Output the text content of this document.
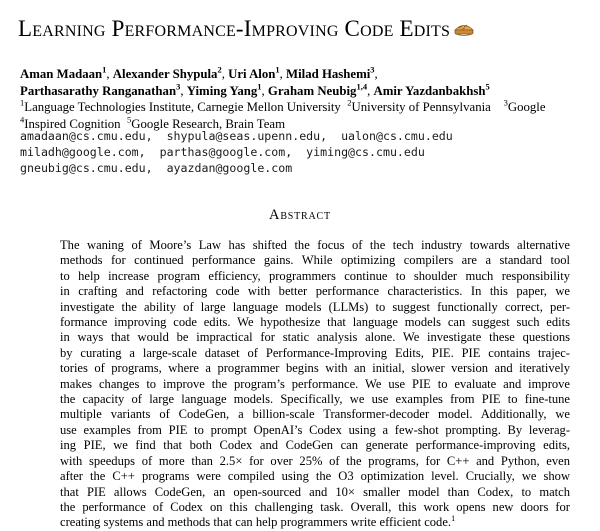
Learning Performance-Improving Code Edits
Aman Madaan$^1$, Alexander Shypula$^2$, Uri Alon$^1$, Milad Hashemi$^3$,
Parthasarathy Ranganathan$^3$, Yiming Yang$^1$, Graham Neubig$^{1,4}$, Amir Yazdanbakhsh$^5$
$^1$Language Technologies Institute, Carnegie Mellon University $^2$University of Pennsylvania $^3$Google
$^4$Inspired Cognition $^5$Google Research, Brain Team
amadaan@cs.cmu.edu,  shypula@seas.upenn.edu,  ualon@cs.cmu.edu
miladh@google.com,  parthas@google.com,  yiming@cs.cmu.edu
gneubig@cs.cmu.edu,  ayazdan@google.com
Abstract
The waning of Moore’s Law has shifted the focus of the tech industry towards alternative
methods for continued performance gains. While optimizing compilers are a standard tool
to help increase program efficiency, programmers continue to shoulder much responsibility
in crafting and refactoring code with better performance characteristics. In this paper, we
investigate the ability of large language models (LLMs) to suggest functionally correct, per-
formance improving code edits. We hypothesize that language models can suggest such edits
in ways that would be impractical for static analysis alone. We investigate these questions
by curating a large-scale dataset of Performance-Improving Edits, PIE. PIE contains trajec-
tories of programs, where a programmer begins with an initial, slower version and iteratively
makes changes to improve the program’s performance. We use PIE to evaluate and improve
the capacity of large language models. Specifically, we use examples from PIE to fine-tune
multiple variants of CodeGen, a billion-scale Transformer-decoder model. Additionally, we
use examples from PIE to prompt OpenAI’s Codex using a few-shot prompting. By leverag-
ing PIE, we find that both Codex and CodeGen can generate performance-improving edits,
with speedups of more than 2.5× for over 25% of the programs, for C++ and Python, even
after the C++ programs were compiled using the O3 optimization level. Crucially, we show
that PIE allows CodeGen, an open-sourced and 10× smaller model than Codex, to match
the performance of Codex on this challenging task. Overall, this work opens new doors for
creating systems and methods that can help programmers write efficient code.$^1$
